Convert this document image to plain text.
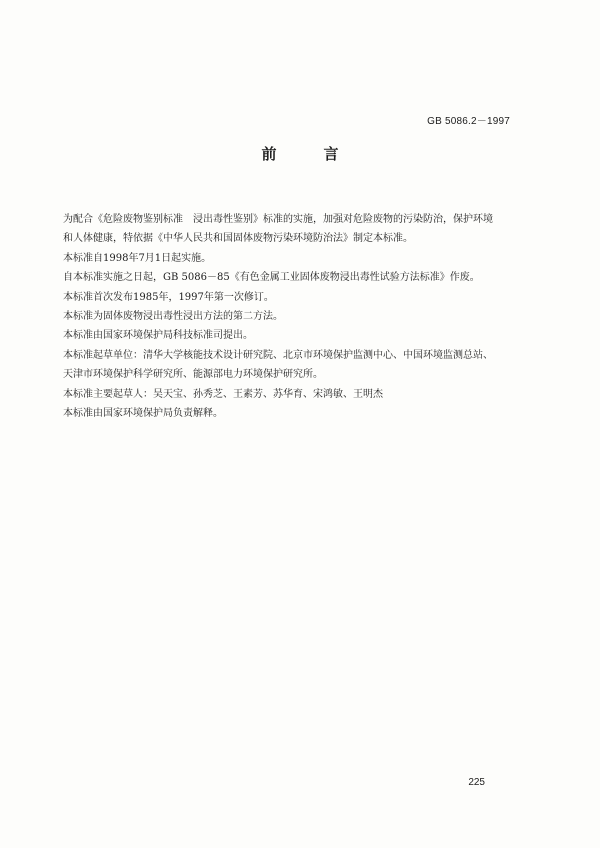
GB 5086.2－1997
前　言

为配合《危险废物鉴别标准　浸出毒性鉴别》标准的实施，加强对危险废物的污染防治，保护环境和人体健康，特依据《中华人民共和国固体废物污染环境防治法》制定本标准。

本标准自1998年7月1日起实施。

自本标准实施之日起，GB 5086－85《有色金属工业固体废物浸出毒性试验方法标准》作废。

本标准首次发布1985年，1997年第一次修订。

本标准为固体废物浸出毒性浸出方法的第二方法。

本标准由国家环境保护局科技标准司提出。

本标准起草单位：清华大学核能技术设计研究院、北京市环境保护监测中心、中国环境监测总站、天津市环境保护科学研究所、能源部电力环境保护研究所。

本标准主要起草人：吴天宝、孙秀芝、王素芳、苏华育、宋鸿敏、王明杰

本标准由国家环境保护局负责解释。

225
